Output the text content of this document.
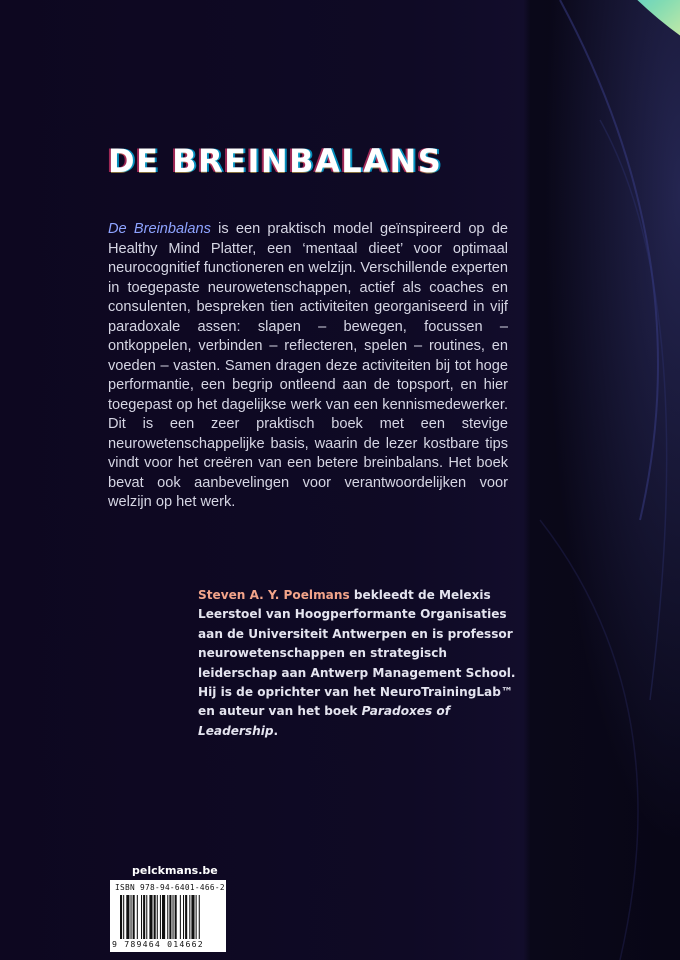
DE BREINBALANS

De Breinbalans is een praktisch model geïnspireerd op de Healthy Mind Platter, een ‘mentaal dieet’ voor optimaal neurocognitief functioneren en welzijn. Verschillende experten in toegepaste neurowetenschappen, actief als coaches en consulenten, bespreken tien activiteiten georganiseerd in vijf paradoxale assen: slapen – bewegen, focussen – ontkoppelen, verbinden – reflecteren, spelen – routines, en voeden – vasten. Samen dragen deze activiteiten bij tot hoge performantie, een begrip ontleend aan de topsport, en hier toegepast op het dagelijkse werk van een kennismedewerker. Dit is een zeer praktisch boek met een stevige neurowetenschappelijke basis, waarin de lezer kostbare tips vindt voor het creëren van een betere breinbalans. Het boek bevat ook aanbevelingen voor verantwoordelijken voor welzijn op het werk.

Steven A. Y. Poelmans bekleedt de Melexis Leerstoel van Hoogperformante Organisaties aan de Universiteit Antwerpen en is professor neurowetenschappen en strategisch leiderschap aan Antwerp Management School. Hij is de oprichter van het NeuroTrainingLab™ en auteur van het boek Paradoxes of Leadership.

pelckmans.be

ISBN 978-94-6401-466-2

9 789464 014662
